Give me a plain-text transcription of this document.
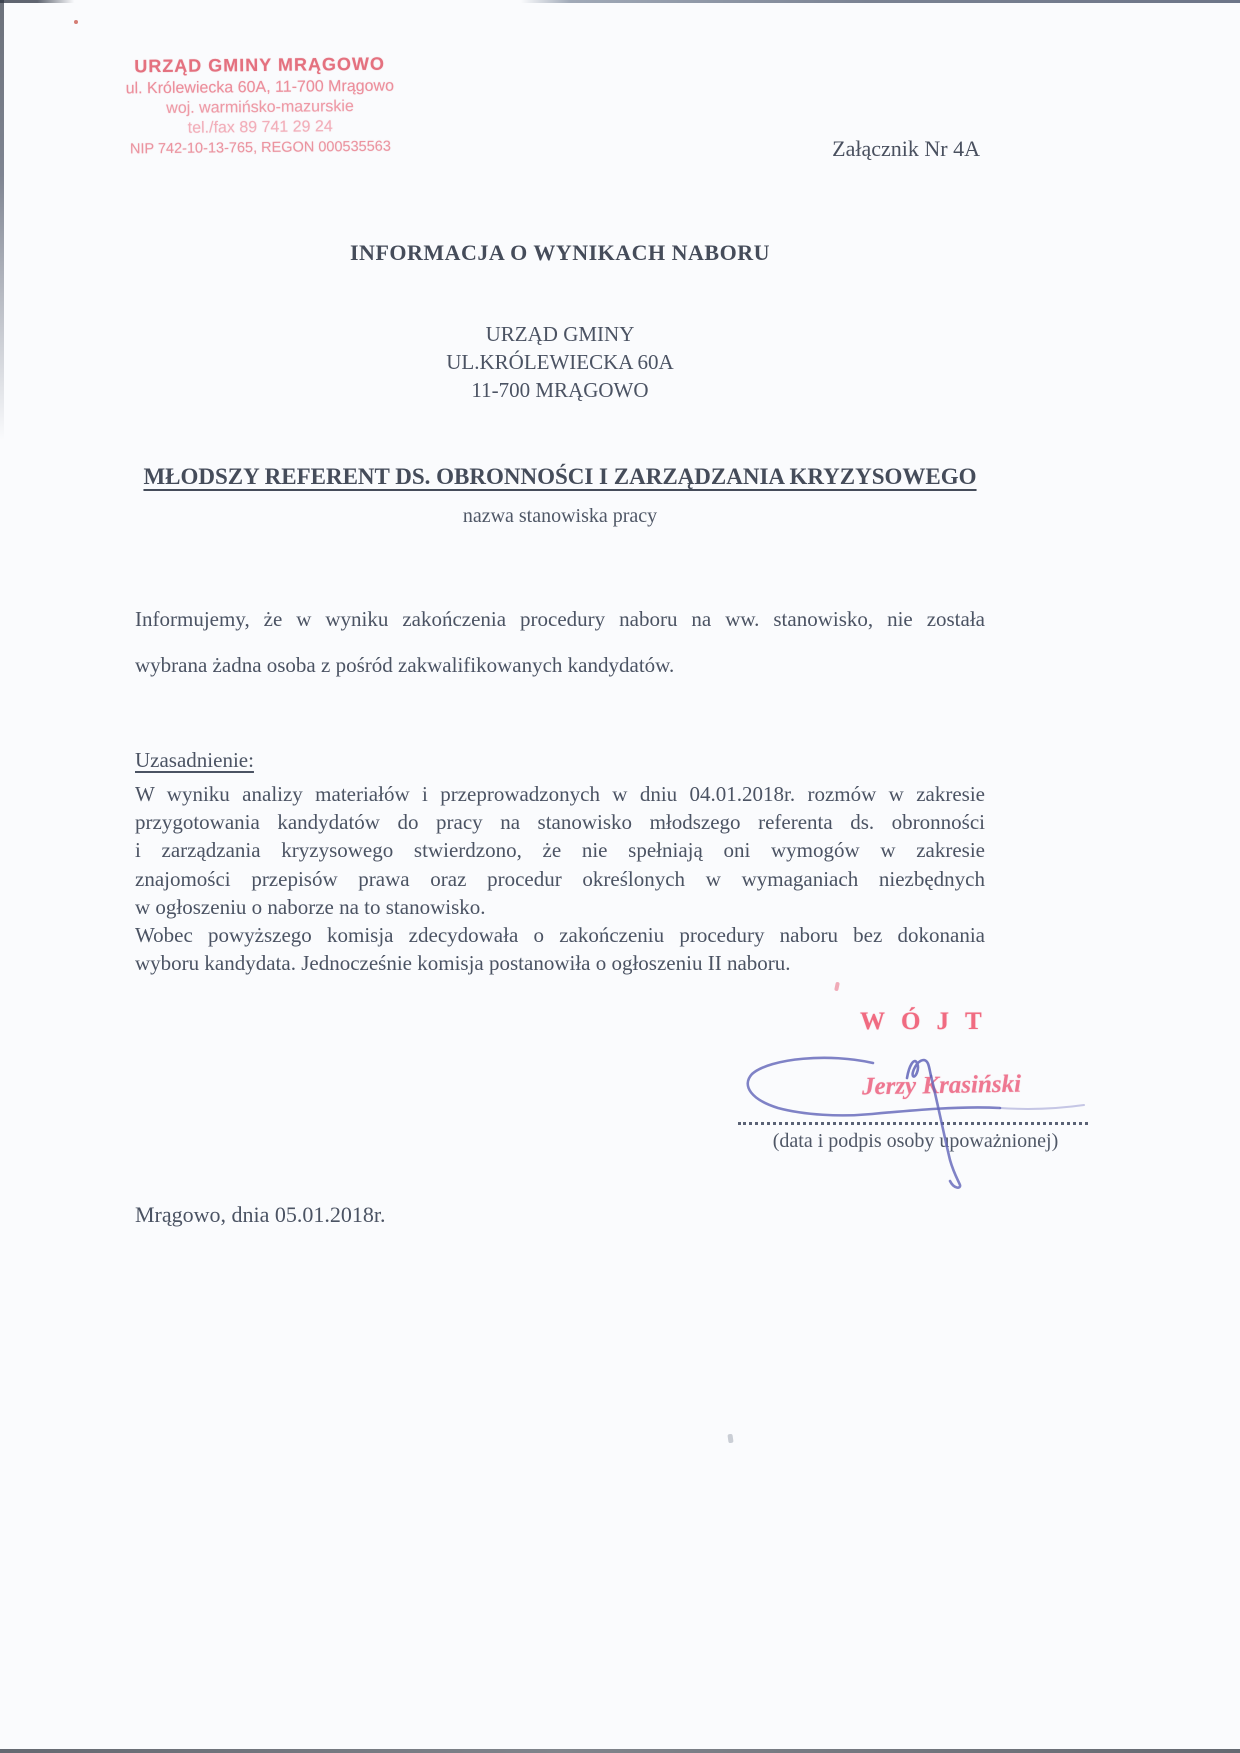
URZĄD GMINY MRĄGOWO
ul. Królewiecka 60A, 11-700 Mrągowo
woj. warmińsko-mazurskie
tel./fax 89 741 29 24
NIP 742-10-13-765, REGON 000535563	Załącznik Nr 4A
INFORMACJA O WYNIKACH NABORU
URZĄD GMINY
UL.KRÓLEWIECKA 60A
11-700 MRĄGOWO
MŁODSZY REFERENT DS. OBRONNOŚCI I ZARZĄDZANIA KRYZYSOWEGO
nazwa stanowiska pracy
Informujemy, że w wyniku zakończenia procedury naboru na ww. stanowisko, nie została
wybrana żadna osoba z pośród zakwalifikowanych kandydatów.
Uzasadnienie:
W wyniku analizy materiałów i przeprowadzonych w dniu 04.01.2018r. rozmów w zakresie
przygotowania kandydatów do pracy na stanowisko młodszego referenta ds. obronności
i zarządzania kryzysowego stwierdzono, że nie spełniają oni wymogów w zakresie
znajomości przepisów prawa oraz procedur określonych w wymaganiach niezbędnych
w ogłoszeniu o naborze na to stanowisko.
Wobec powyższego komisja zdecydowała o zakończeniu procedury naboru bez dokonania
wyboru kandydata. Jednocześnie komisja postanowiła o ogłoszeniu II naboru.
WÓJT
Jerzy Krasiński
(data i podpis osoby upoważnionej)
Mrągowo, dnia 05.01.2018r.
